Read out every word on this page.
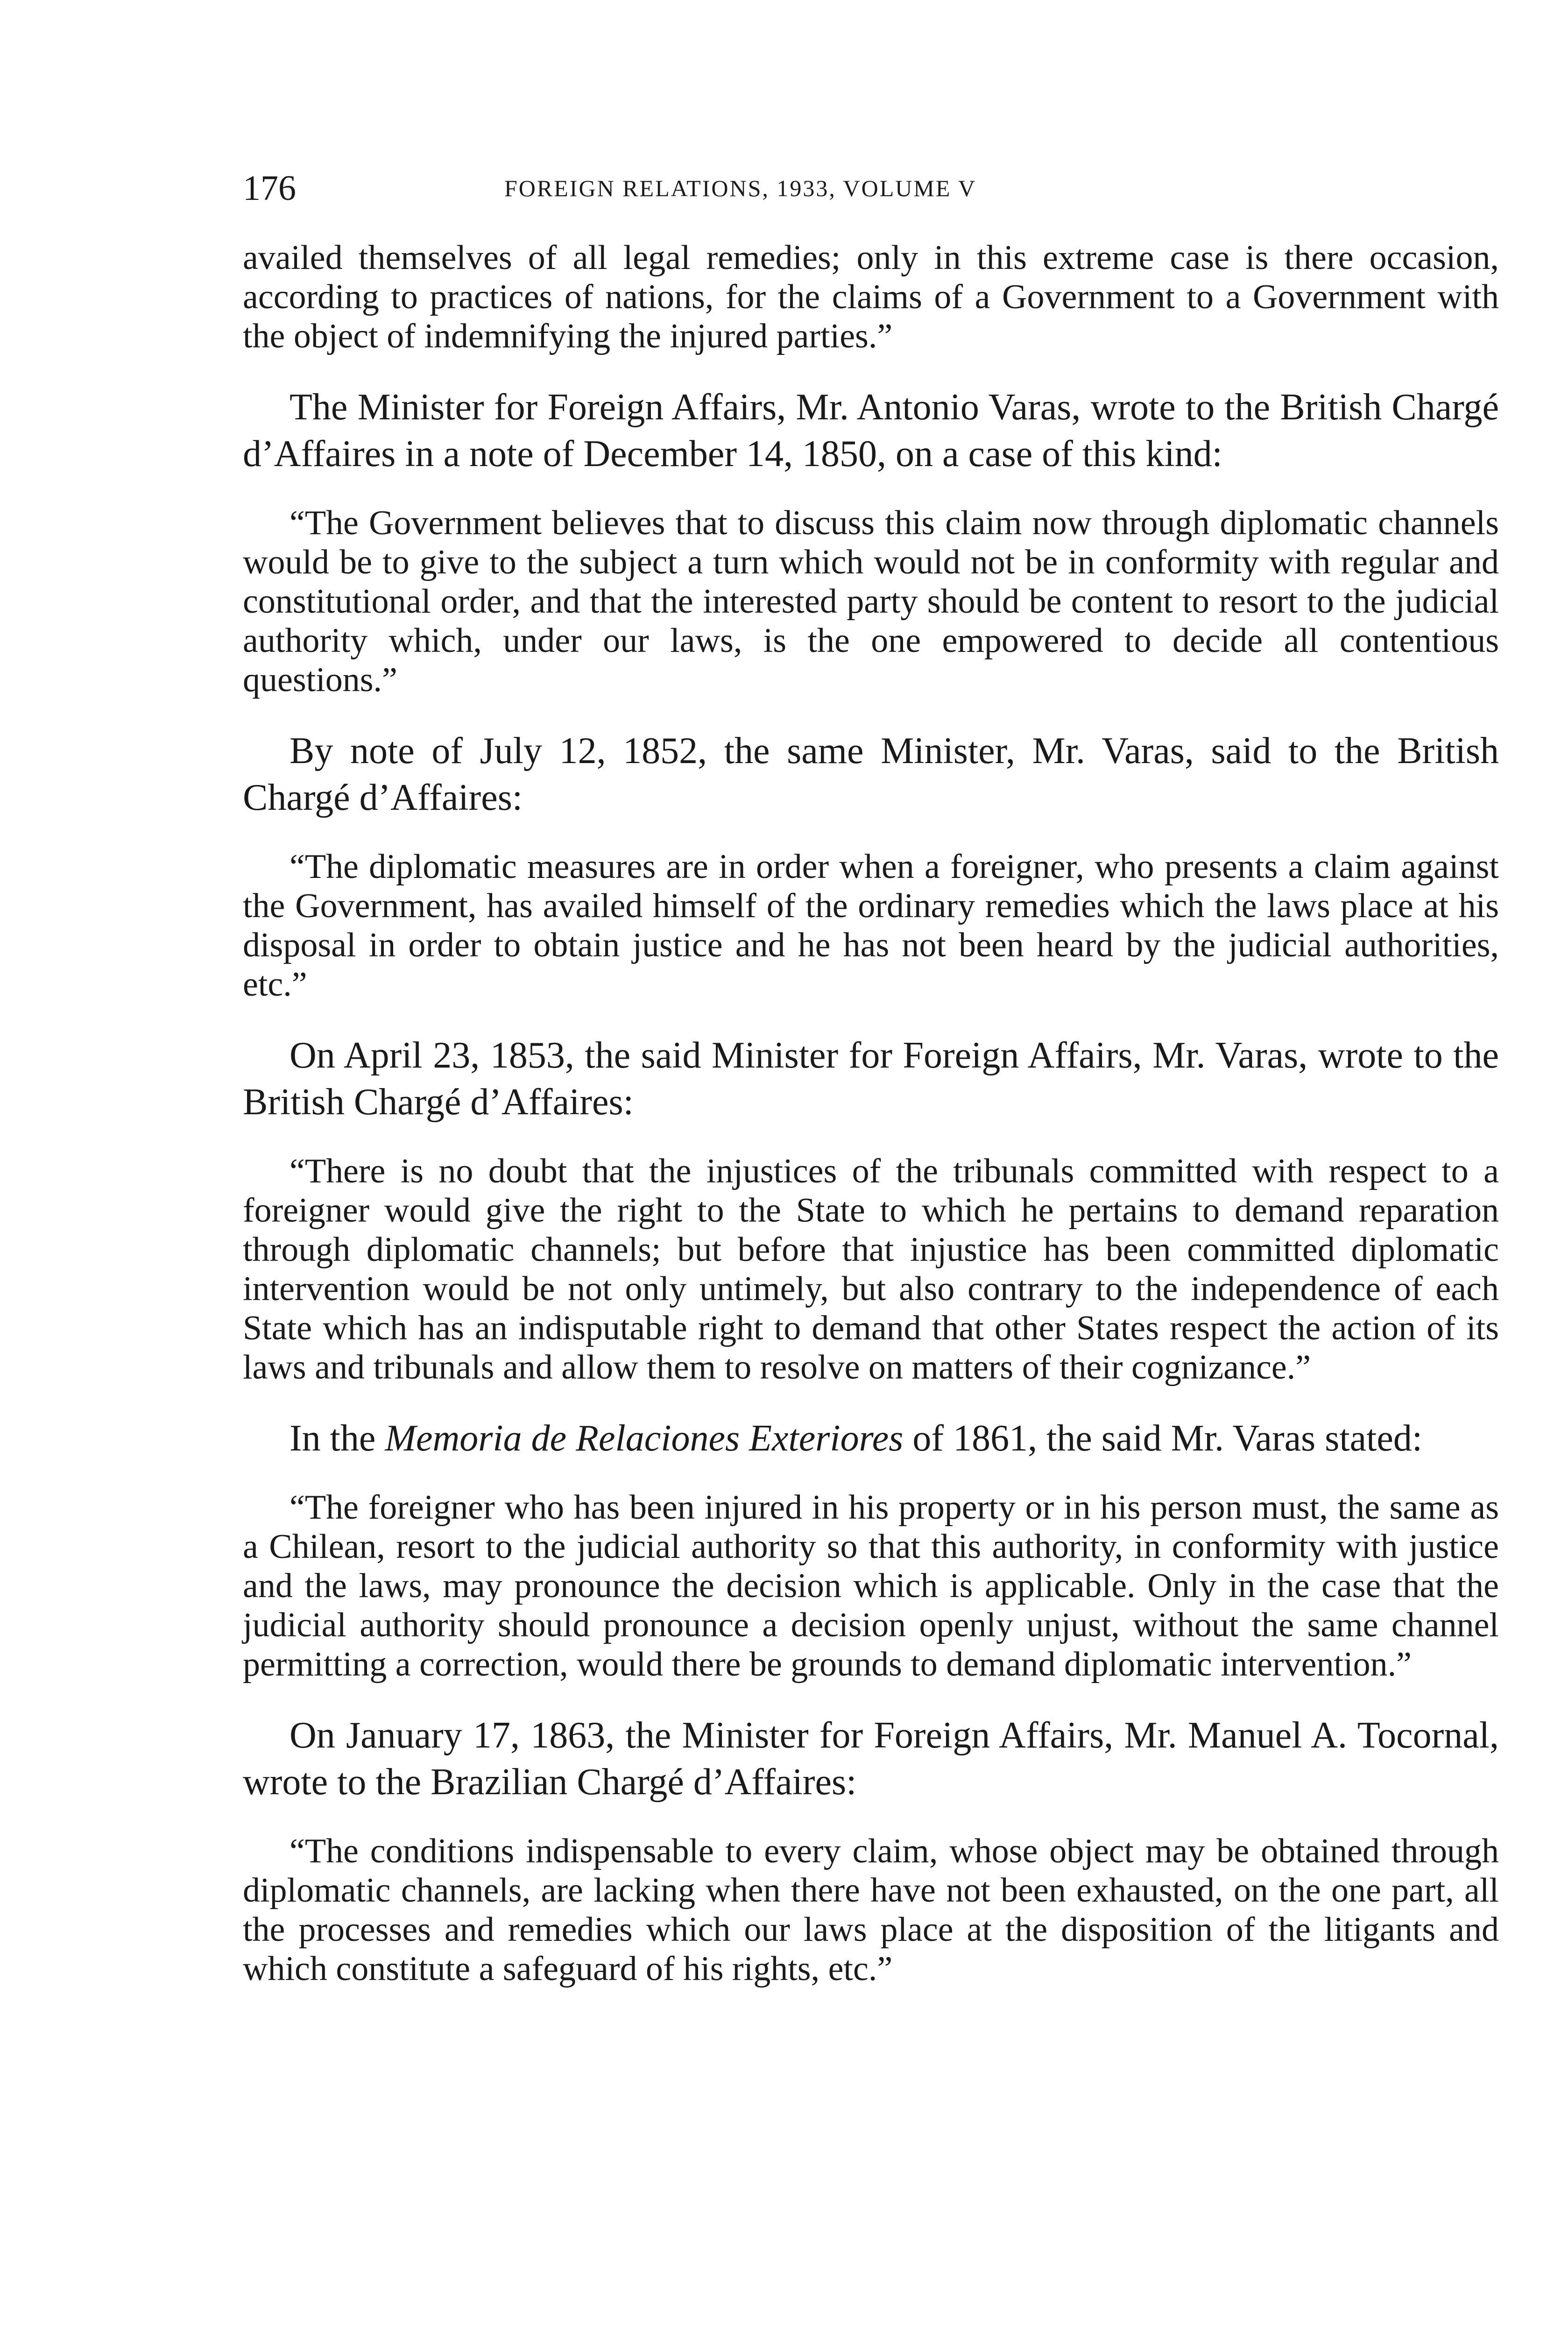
176	FOREIGN RELATIONS, 1933, VOLUME V
availed themselves of all legal remedies; only in this extreme case is there occasion, according to practices of nations, for the claims of a Government to a Government with the object of indemnifying the injured parties.”
The Minister for Foreign Affairs, Mr. Antonio Varas, wrote to the British Chargé d’Affaires in a note of December 14, 1850, on a case of this kind:
“The Government believes that to discuss this claim now through diplomatic channels would be to give to the subject a turn which would not be in conformity with regular and constitutional order, and that the interested party should be content to resort to the judicial authority which, under our laws, is the one empowered to decide all contentious questions.”
By note of July 12, 1852, the same Minister, Mr. Varas, said to the British Chargé d’Affaires:
“The diplomatic measures are in order when a foreigner, who presents a claim against the Government, has availed himself of the ordinary remedies which the laws place at his disposal in order to obtain justice and he has not been heard by the judicial authorities, etc.”
On April 23, 1853, the said Minister for Foreign Affairs, Mr. Varas, wrote to the British Chargé d’Affaires:
“There is no doubt that the injustices of the tribunals committed with respect to a foreigner would give the right to the State to which he pertains to demand reparation through diplomatic channels; but before that injustice has been committed diplomatic intervention would be not only untimely, but also contrary to the independence of each State which has an indisputable right to demand that other States respect the action of its laws and tribunals and allow them to resolve on matters of their cognizance.”
In the Memoria de Relaciones Exteriores of 1861, the said Mr. Varas stated:
“The foreigner who has been injured in his property or in his person must, the same as a Chilean, resort to the judicial authority so that this authority, in conformity with justice and the laws, may pronounce the decision which is applicable. Only in the case that the judicial authority should pronounce a decision openly unjust, without the same channel permitting a correction, would there be grounds to demand diplomatic intervention.”
On January 17, 1863, the Minister for Foreign Affairs, Mr. Manuel A. Tocornal, wrote to the Brazilian Chargé d’Affaires:
“The conditions indispensable to every claim, whose object may be obtained through diplomatic channels, are lacking when there have not been exhausted, on the one part, all the processes and remedies which our laws place at the disposition of the litigants and which constitute a safeguard of his rights, etc.”
